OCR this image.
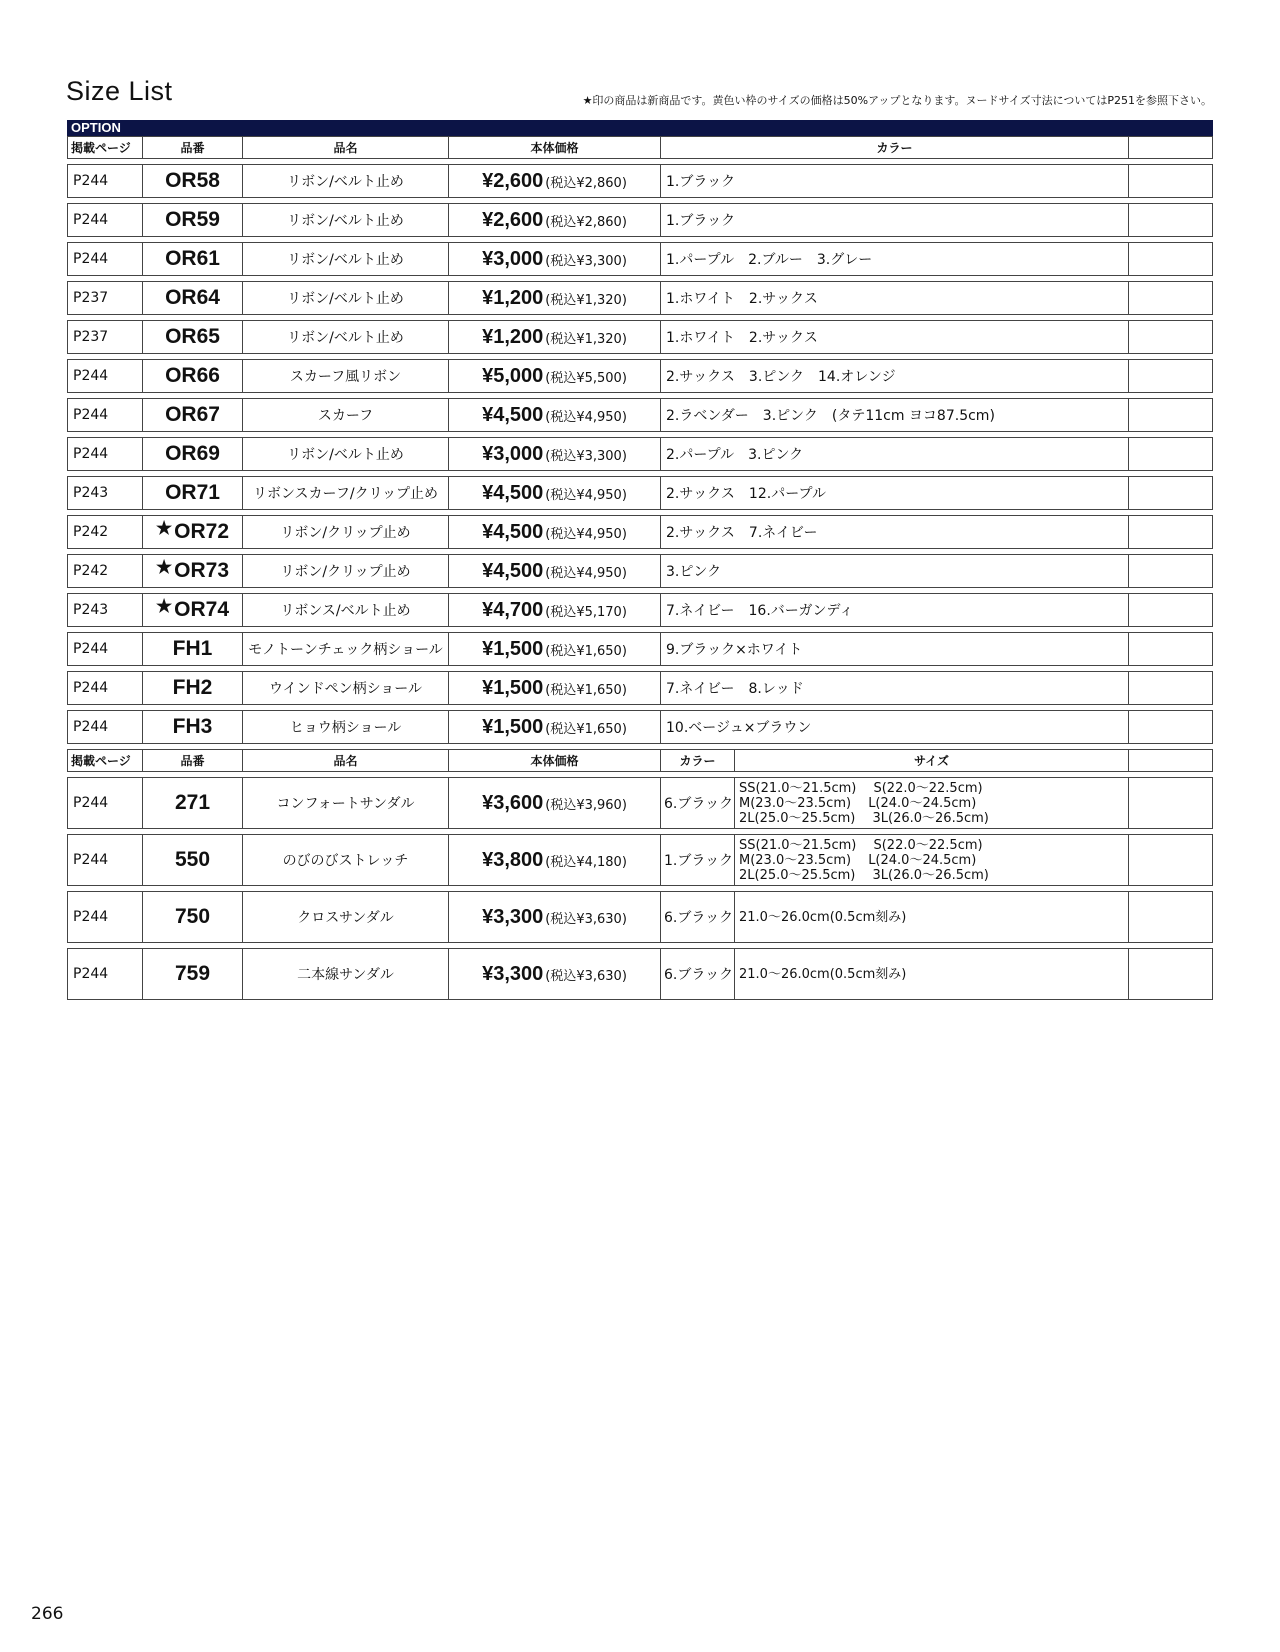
Size List	★印の商品は新商品です。黄色い枠のサイズの価格は50%アップとなります。ヌードサイズ寸法についてはP251を参照下さい。
OPTION
掲載ページ	品番	品名	本体価格	カラー
P244	OR58	リボン/ベルト止め	¥2,600 (税込¥2,860)	1.ブラック
P244	OR59	リボン/ベルト止め	¥2,600 (税込¥2,860)	1.ブラック
P244	OR61	リボン/ベルト止め	¥3,000 (税込¥3,300)	1.パープル　2.ブルー　3.グレー
P237	OR64	リボン/ベルト止め	¥1,200 (税込¥1,320)	1.ホワイト　2.サックス
P237	OR65	リボン/ベルト止め	¥1,200 (税込¥1,320)	1.ホワイト　2.サックス
P244	OR66	スカーフ風リボン	¥5,000 (税込¥5,500)	2.サックス　3.ピンク　14.オレンジ
P244	OR67	スカーフ	¥4,500 (税込¥4,950)	2.ラベンダー　3.ピンク　(タテ11cm ヨコ87.5cm)
P244	OR69	リボン/ベルト止め	¥3,000 (税込¥3,300)	2.パープル　3.ピンク
P243	OR71	リボンスカーフ/クリップ止め	¥4,500 (税込¥4,950)	2.サックス　12.パープル
P242	★ OR72	リボン/クリップ止め	¥4,500 (税込¥4,950)	2.サックス　7.ネイビー
P242	★ OR73	リボン/クリップ止め	¥4,500 (税込¥4,950)	3.ピンク
P243	★ OR74	リボンス/ベルト止め	¥4,700 (税込¥5,170)	7.ネイビー　16.バーガンディ
P244	FH1	モノトーンチェック柄ショール ¥1,500 (税込¥1,650)	9.ブラック×ホワイト
P244	FH2	ウインドペン柄ショール	¥1,500 (税込¥1,650)	7.ネイビー　8.レッド
P244	FH3	ヒョウ柄ショール	¥1,500 (税込¥1,650)	10.ベージュ×ブラウン
掲載ページ	品番	品名	本体価格	カラー	サイズ
P244	271	コンフォートサンダル	¥3,600 (税込¥3,960)	6.ブラック
SS(21.0〜21.5cm)　 S(22.0〜22.5cm)
M(23.0〜23.5cm)　 L(24.0〜24.5cm)
2L(25.0〜25.5cm)　 3L(26.0〜26.5cm)
P244	550	のびのびストレッチ	¥3,800 (税込¥4,180)	1.ブラック
SS(21.0〜21.5cm)　 S(22.0〜22.5cm)
M(23.0〜23.5cm)　 L(24.0〜24.5cm)
2L(25.0〜25.5cm)　 3L(26.0〜26.5cm)
P244	750	クロスサンダル	¥3,300 (税込¥3,630)	6.ブラック 21.0〜26.0cm(0.5cm刻み)
P244	759	二本線サンダル	¥3,300 (税込¥3,630)	6.ブラック 21.0〜26.0cm(0.5cm刻み)
266
